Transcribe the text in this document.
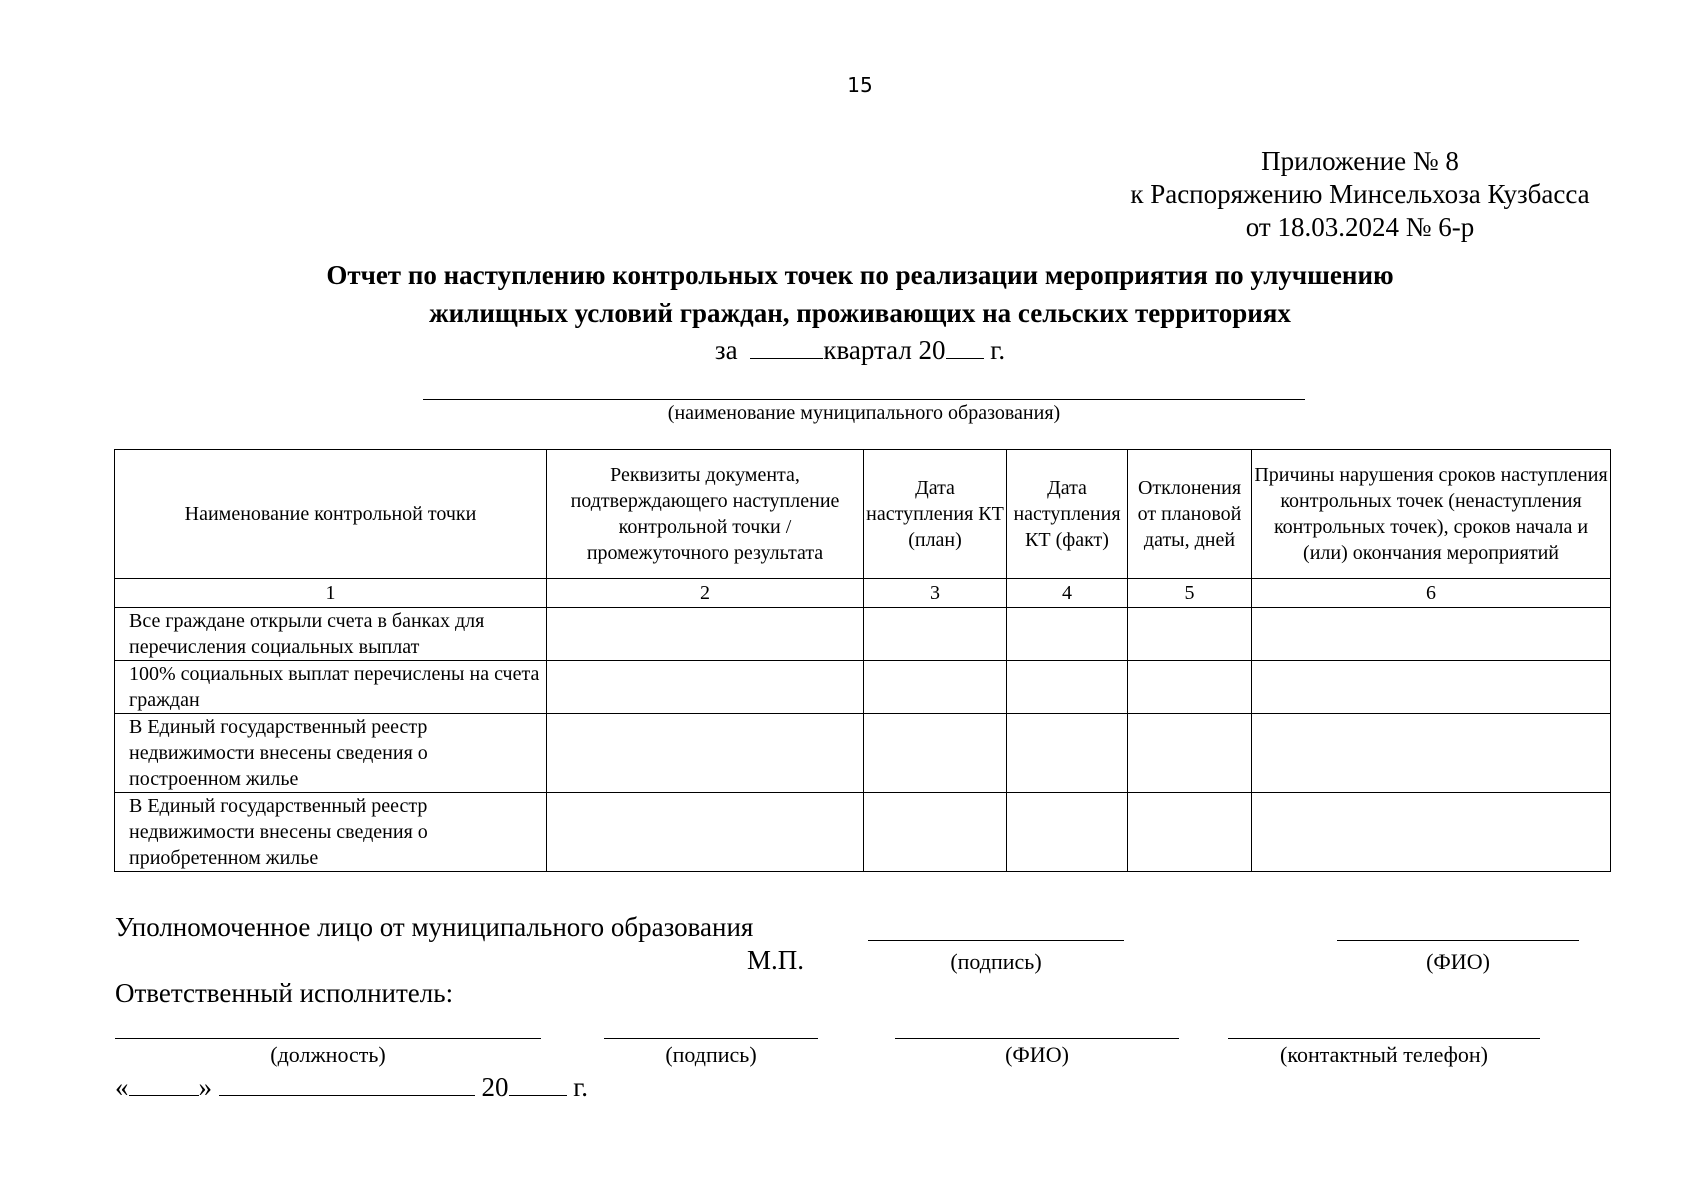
15
Приложение № 8
к Распоряжению Минсельхоза Кузбасса
от 18.03.2024 № 6-р
Отчет по наступлению контрольных точек по реализации мероприятия по улучшению
жилищных условий граждан, проживающих на сельских территориях
за	квартал 20 г.
(наименование муниципального образования)
Наименование контрольной точки	Реквизиты документа, подтверждающего наступление контрольной точки / промежуточного результата	Дата наступления КТ (план)	Дата наступления КТ (факт)	Отклонения от плановой даты, дней	Причины нарушения сроков наступления контрольных точек (ненаступления контрольных точек), сроков начала и (или) окончания мероприятий
1	2	3	4	5	6
Все граждане открыли счета в банках для перечисления социальных выплат					
100% социальных выплат перечислены на счета граждан					
В Единый государственный реестр недвижимости внесены сведения о построенном жилье					
В Единый государственный реестр недвижимости внесены сведения о приобретенном жилье					
Уполномоченное лицо от муниципального образования
М.П.	(подпись)	(ФИО)
Ответственный исполнитель:
(должность)	(подпись)	(ФИО)	(контактный телефон)
«	»	20 г.
